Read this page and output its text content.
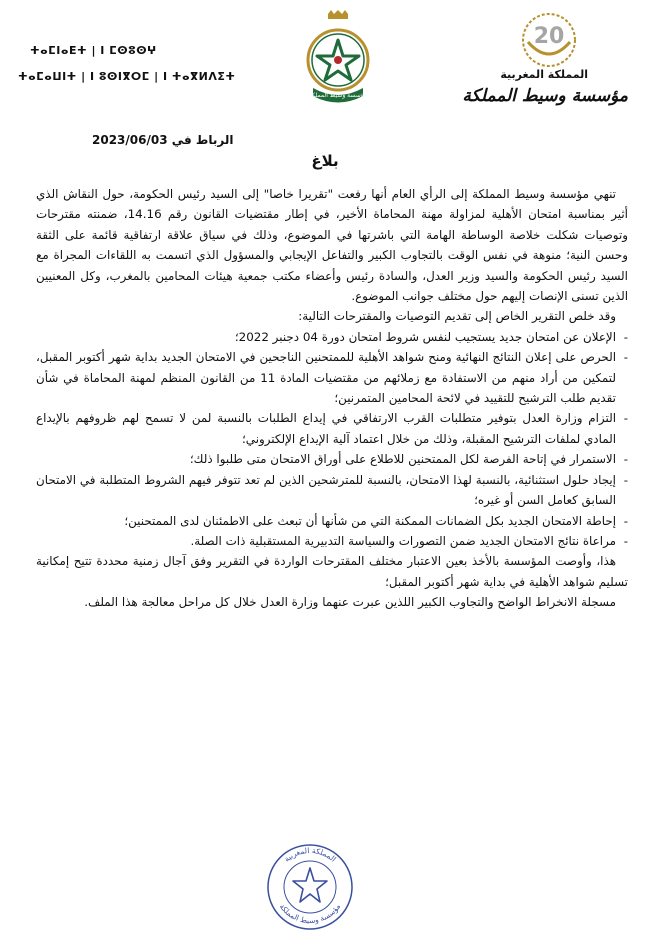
ⵜⴰⵎⵏⴰⴹⵜ | ⵏ ⵎⵙⵓⵙⵖ
ⵜⴰⵎⴰⵡⵏⵜ | ⵏ ⵓⵙⵏⴳⵔⵎ | ⵏ ⵜⴰⴳⵍⴷⵉⵜ
مؤسسة وسيط المملكة
20
المملكة المغربية
مؤسسة وسيط المملكة
الرباط في 2023/06/03
بلاغ

تنهي مؤسسة وسيط المملكة إلى الرأي العام أنها رفعت "تقريرا خاصا" إلى السيد رئيس الحكومة، حول النقاش الذي أثير بمناسبة امتحان الأهلية لمزاولة مهنة المحاماة الأخير، في إطار مقتضيات القانون رقم 14.16، ضمنته مقترحات وتوصيات شكلت خلاصة الوساطة الهامة التي باشرتها في الموضوع، وذلك في سياق علاقة ارتفاقية قائمة على الثقة وحسن النية؛ منوهة في نفس الوقت بالتجاوب الكبير والتفاعل الإيجابي والمسؤول الذي اتسمت به اللقاءات المجراة مع السيد رئيس الحكومة والسيد وزير العدل، والسادة رئيس وأعضاء مكتب جمعية هيئات المحامين بالمغرب، وكل المعنيين الذين تسنى الإنصات إليهم حول مختلف جوانب الموضوع.

وقد خلص التقرير الخاص إلى تقديم التوصيات والمقترحات التالية:

-
الإعلان عن امتحان جديد يستجيب لنفس شروط امتحان دورة 04 دجنبر 2022؛
-
الحرص على إعلان النتائج النهائية ومنح شواهد الأهلية للممتحنين الناجحين في الامتحان الجديد بداية شهر أكتوبر المقبل، لتمكين من أراد منهم من الاستفادة مع زملائهم من مقتضيات المادة 11 من القانون المنظم لمهنة المحاماة في شأن تقديم طلب الترشيح للتقييد في لائحة المحامين المتمرنين؛
-
التزام وزارة العدل بتوفير متطلبات القرب الارتفاقي في إيداع الطلبات بالنسبة لمن لا تسمح لهم ظروفهم بالإيداع المادي لملفات الترشيح المقبلة، وذلك من خلال اعتماد آلية الإيداع الإلكتروني؛
-
الاستمرار في إتاحة الفرصة لكل الممتحنين للاطلاع على أوراق الامتحان متى طلبوا ذلك؛
-
إيجاد حلول استثنائية، بالنسبة لهذا الامتحان، بالنسبة للمترشحين الذين لم تعد تتوفر فيهم الشروط المتطلبة في الامتحان السابق كعامل السن أو غيره؛
-
إحاطة الامتحان الجديد بكل الضمانات الممكنة التي من شأنها أن تبعث على الاطمئنان لدى الممتحنين؛
-
مراعاة نتائج الامتحان الجديد ضمن التصورات والسياسة التدبيرية المستقبلية ذات الصلة.

هذا، وأوصت المؤسسة بالأخذ بعين الاعتبار مختلف المقترحات الواردة في التقرير وفق آجال زمنية محددة تتيح إمكانية تسليم شواهد الأهلية في بداية شهر أكتوبر المقبل؛

مسجلة الانخراط الواضح والتجاوب الكبير اللذين عبرت عنهما وزارة العدل خلال كل مراحل معالجة هذا الملف.

المملكة المغربية
مؤسسة وسيط المملكة
